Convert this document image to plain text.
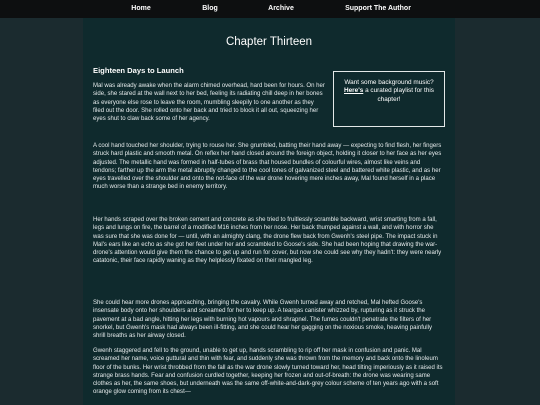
Home	Blog	Archive	Support The Author
Chapter Thirteen

Want some background music?
Here's a curated playlist for this chapter!

Eighteen Days to Launch

Mal was already awake when the alarm chimed overhead, hard been for hours. On her side, she stared at the wall next to her bed, feeling its radiating chill deep in her bones as everyone else rose to leave the room, mumbling sleepily to one another as they filed out the door. She rolled onto her back and tried to block it all out, squeezing her eyes shut to claw back some of her agency.

A cool hand touched her shoulder, trying to rouse her. She grumbled, batting their hand away — expecting to find flesh, her fingers struck hard plastic and smooth metal. On reflex her hand closed around the foreign object, holding it closer to her face as her eyes adjusted. The metallic hand was formed in half-tubes of brass that housed bundles of colourful wires, almost like veins and tendons; farther up the arm the metal abruptly changed to the cool tones of galvanized steel and battered white plastic, and as her eyes travelled over the shoulder and onto the not-face of the war drone hovering mere inches away, Mal found herself in a place much worse than a strange bed in enemy territory.

Her hands scraped over the broken cement and concrete as she tried to fruitlessly scramble backward, wrist smarting from a fall, legs and lungs on fire, the barrel of a modified M16 inches from her nose. Her back thumped against a wall, and with horror she was sure that she was done for — until, with an almighty clang, the drone flew back from Gwenh's steel pipe. The impact stuck in Mal's ears like an echo as she got her feet under her and scrambled to Goose's side. She had been hoping that drawing the war-drone's attention would give them the chance to get up and run for cover, but now she could see why they hadn't: they were nearly catatonic, their face rapidly waning as they helplessly fixated on their mangled leg.

She could hear more drones approaching, bringing the cavalry. While Gwenh turned away and retched, Mal hefted Goose's insensate body onto her shoulders and screamed for her to keep up. A teargas canister whizzed by, rupturing as it struck the pavement at a bad angle, hitting her legs with burning hot vapours and shrapnel. The fumes couldn't penetrate the filters of her snorkel, but Gwenh's mask had always been ill-fitting, and she could hear her gagging on the noxious smoke, heaving painfully shrill breaths as her airway closed.

Gwenh staggered and fell to the ground, unable to get up, hands scrambling to rip off her mask in confusion and panic. Mal screamed her name, voice guttural and thin with fear, and suddenly she was thrown from the memory and back onto the linoleum floor of the bunks. Her wrist throbbed from the fall as the war drone slowly turned toward her, head tilting imperiously as it raised its strange brass hands. Fear and confusion curdled together, keeping her frozen and out-of-breath: the drone was wearing same clothes as her, the same shoes, but underneath was the same off-white-and-dark-grey colour scheme of ten years ago with a soft orange glow coming from its chest—
